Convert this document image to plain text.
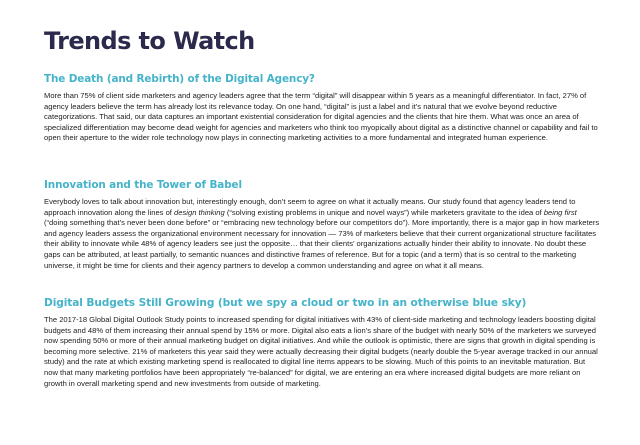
Trends to Watch
The Death (and Rebirth) of the Digital Agency?

More than 75% of client side marketers and agency leaders agree that the term “digital” will disappear within 5 years as a meaningful differentiator. In fact, 27% of agency leaders believe the term has already lost its relevance today. On one hand, “digital” is just a label and it’s natural that we evolve beyond reductive categorizations. That said, our data captures an important existential consideration for digital agencies and the clients that hire them. What was once an area of specialized differentiation may become dead weight for agencies and marketers who think too myopically about digital as a distinctive channel or capability and fail to open their aperture to the wider role technology now plays in connecting marketing activities to a more fundamental and integrated human experience.

Innovation and the Tower of Babel

Everybody loves to talk about innovation but, interestingly enough, don’t seem to agree on what it actually means. Our study found that agency leaders tend to approach innovation along the lines of design thinking (“solving existing problems in unique and novel ways”) while marketers gravitate to the idea of being first (“doing something that’s never been done before” or “embracing new technology before our competitors do”). More importantly, there is a major gap in how marketers and agency leaders assess the organizational environment necessary for innovation — 73% of marketers believe that their current organizational structure facilitates their ability to innovate while 48% of agency leaders see just the opposite… that their clients’ organizations actually hinder their ability to innovate. No doubt these gaps can be attributed, at least partially, to semantic nuances and distinctive frames of reference. But for a topic (and a term) that is so central to the marketing universe, it might be time for clients and their agency partners to develop a common understanding and agree on what it all means.

Digital Budgets Still Growing (but we spy a cloud or two in an otherwise blue sky)

The 2017-18 Global Digital Outlook Study points to increased spending for digital initiatives with 43% of client-side marketing and technology leaders boosting digital budgets and 48% of them increasing their annual spend by 15% or more. Digital also eats a lion’s share of the budget with nearly 50% of the marketers we surveyed now spending 50% or more of their annual marketing budget on digital initiatives. And while the outlook is optimistic, there are signs that growth in digital spending is becoming more selective. 21% of marketers this year said they were actually decreasing their digital budgets (nearly double the 5-year average tracked in our annual study) and the rate at which existing marketing spend is reallocated to digital line items appears to be slowing. Much of this points to an inevitable maturation. But now that many marketing portfolios have been appropriately “re-balanced” for digital, we are entering an era where increased digital budgets are more reliant on growth in overall marketing spend and new investments from outside of marketing.
